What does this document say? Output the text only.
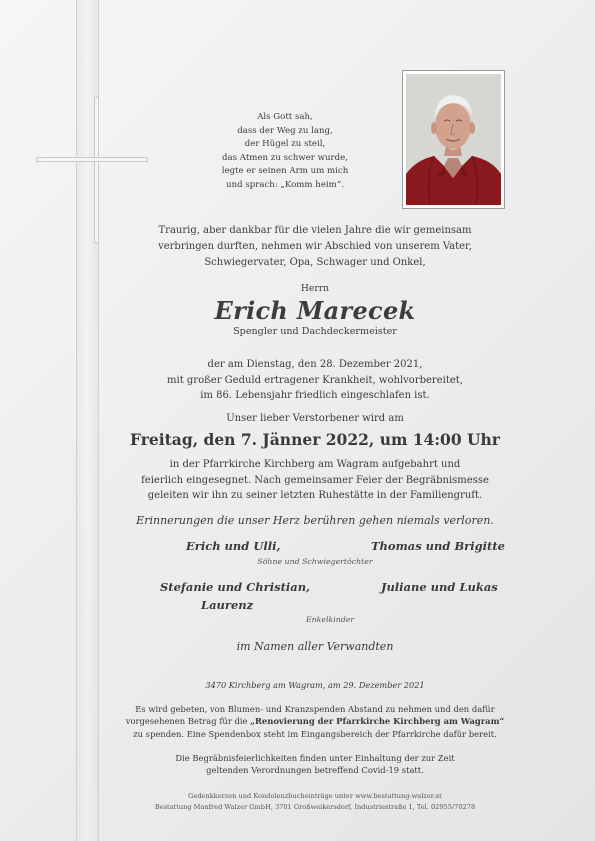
Als Gott sah,
dass der Weg zu lang,
der Hügel zu steil,
das Atmen zu schwer wurde,
legte er seinen Arm um mich
und sprach: „Komm heim“.
Traurig, aber dankbar für die vielen Jahre die wir gemeinsam
verbringen durften, nehmen wir Abschied von unserem Vater,
Schwiegervater, Opa, Schwager und Onkel,
Herrn
Erich Marecek
Spengler und Dachdeckermeister
der am Dienstag, den 28. Dezember 2021,
mit großer Geduld ertragener Krankheit, wohlvorbereitet,
im 86. Lebensjahr friedlich eingeschlafen ist.
Unser lieber Verstorbener wird am
Freitag, den 7. Jänner 2022, um 14:00 Uhr
in der Pfarrkirche Kirchberg am Wagram aufgebahrt und
feierlich eingesegnet. Nach gemeinsamer Feier der Begräbnismesse
geleiten wir ihn zu seiner letzten Ruhestätte in der Familiengruft.
Erinnerungen die unser Herz berühren gehen niemals verloren.
Erich und Ulli,	Thomas und Brigitte
Söhne und Schwiegertöchter
Stefanie und Christian,
Laurenz
Juliane und Lukas
Enkelkinder
im Namen aller Verwandten
3470 Kirchberg am Wagram, am 29. Dezember 2021
Es wird gebeten, von Blumen- und Kranzspenden Abstand zu nehmen und den dafür
vorgesehenen Betrag für die „Renovierung der Pfarrkirche Kirchberg am Wagram“
zu spenden. Eine Spendenbox steht im Eingangsbereich der Pfarrkirche dafür bereit.
Die Begräbnisfeierlichkeiten finden unter Einhaltung der zur Zeit
geltenden Verordnungen betreffend Covid-19 statt.
Gedenkkerzen und Kondolenzbucheinträge unter www.bestattung-walzer.at
Bestattung Manfred Walzer GmbH, 3701 Großweikersdorf, Industriestraße 1, Tel. 02955/70278
